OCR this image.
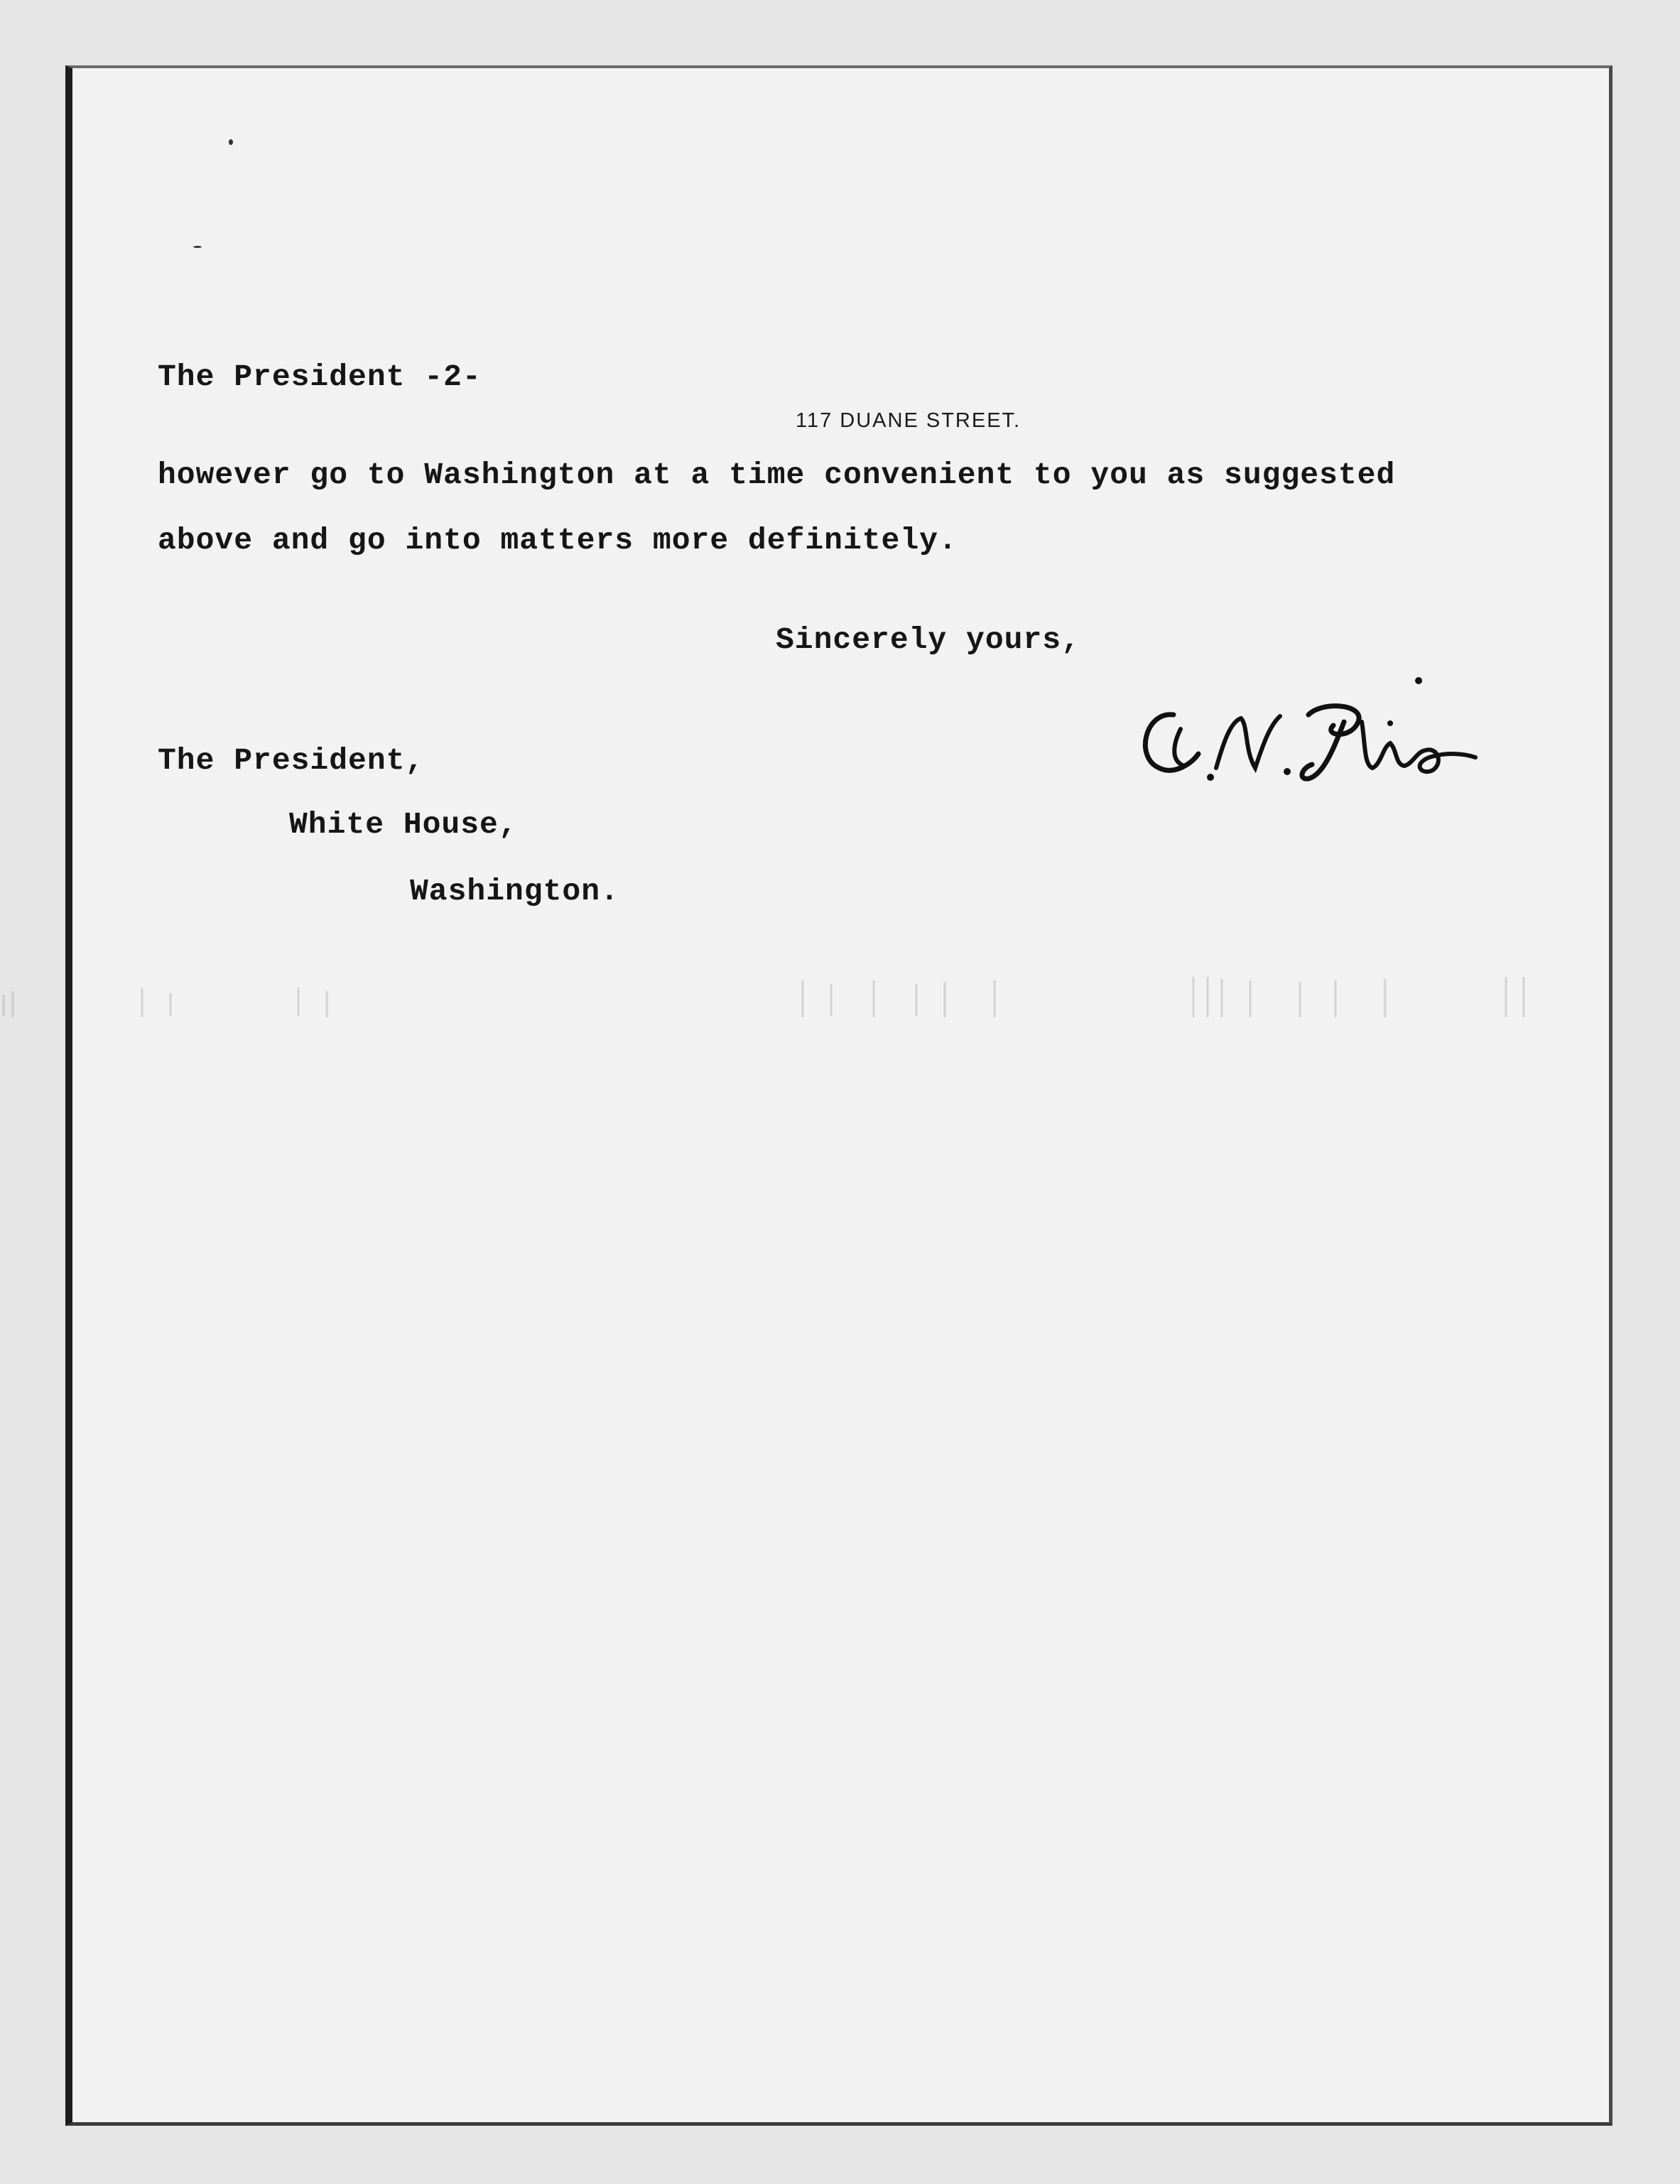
117 DUANE STREET.
The President -2-
however go to Washington at a time convenient to you as suggested
above and go into matters more definitely.
Sincerely yours,
The President,
White House,
Washington.
